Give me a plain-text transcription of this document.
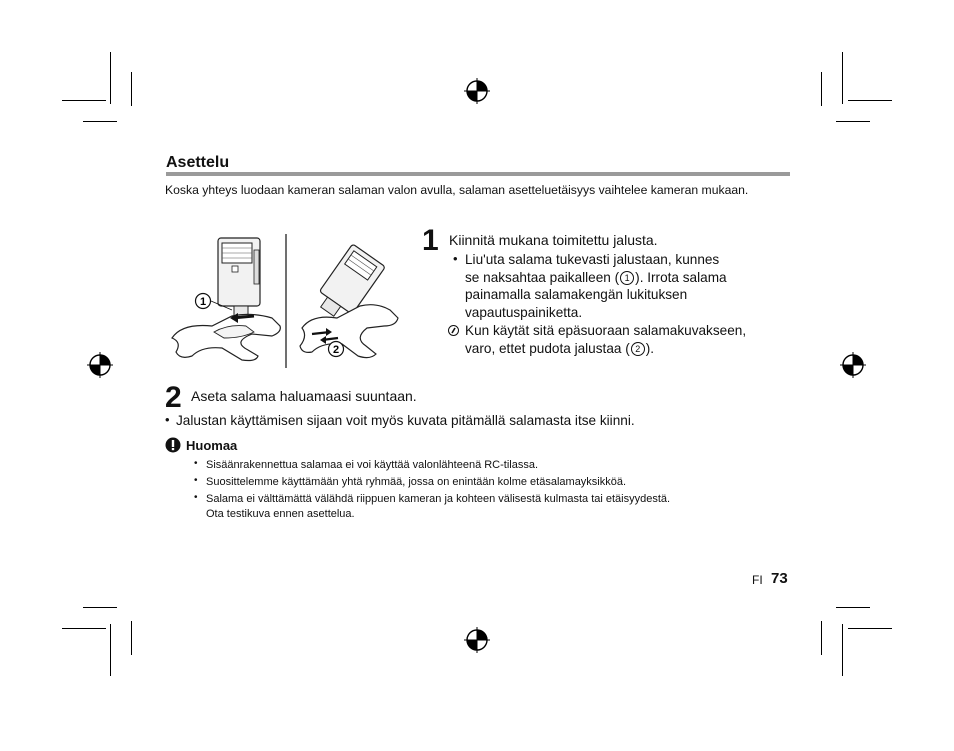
Asettelu
Koska yhteys luodaan kameran salaman valon avulla, salaman asetteluetäisyys vaihtelee kameran mukaan.
1
2
1 Kiinnitä mukana toimitettu jalusta.
• Liu'uta salama tukevasti jalustaan, kunnes
se naksahtaa paikalleen ( 1 ). Irrota salama
painamalla salamakengän lukituksen
vapautuspainiketta.
Kun käytät sitä epäsuoraan salamakuvakseen,
varo, ettet pudota jalustaa ( 2 ).
2 Aseta salama haluamaasi suuntaan.
• Jalustan käyttämisen sijaan voit myös kuvata pitämällä salamasta itse kiinni.
Huomaa
• Sisäänrakennettua salamaa ei voi käyttää valonlähteenä RC-tilassa.
• Suosittelemme käyttämään yhtä ryhmää, jossa on enintään kolme etäsalamayksikköä.
• Salama ei välttämättä välähdä riippuen kameran ja kohteen välisestä kulmasta tai etäisyydestä.
Ota testikuva ennen asettelua.
FI 73
